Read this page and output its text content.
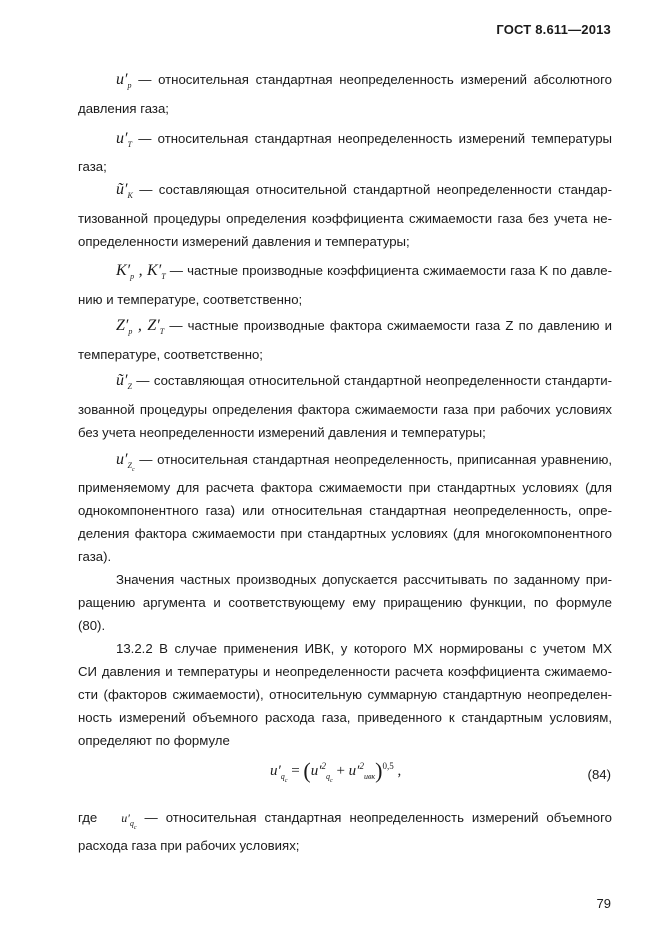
ГОСТ 8.611—2013
$u'_p$ — относительная стандартная неопределенность измерений абсолютного
давления газа;
$u'_T$ — относительная стандартная неопределенность измерений температуры
газа;
$ũ'_K$ — составляющая относительной стандартной неопределенности стандар-
тизованной процедуры определения коэффициента сжимаемости газа без учета не-
определенности измерений давления и температуры;
$K'_p$ , $K'_T$ — частные производные коэффициента сжимаемости газа K по давле-
нию и температуре, соответственно;
$Z'_p$ , $Z'_T$ — частные производные фактора сжимаемости газа Z по давлению и
температуре, соответственно;
$ũ'_Z$ — составляющая относительной стандартной неопределенности стандарти-
зованной процедуры определения фактора сжимаемости газа при рабочих условиях
без учета неопределенности измерений давления и температуры;
$u'_{Z_c}$ — относительная стандартная неопределенность, приписанная уравнению,
применяемому для расчета фактора сжимаемости при стандартных условиях (для
однокомпонентного газа) или относительная стандартная неопределенность, опре-
деления фактора сжимаемости при стандартных условиях (для многокомпонентного
газа).
Значения частных производных допускается рассчитывать по заданному при-
ращению аргумента и соответствующему ему приращению функции, по формуле
(80).
13.2.2 В случае применения ИВК, у которого МХ нормированы с учетом МХ
СИ давления и температуры и неопределенности расчета коэффициента сжимаемо-
сти (факторов сжимаемости), относительную суммарную стандартную неопределен-
ность измерений объемного расхода газа, приведенного к стандартным условиям,
определяют по формуле
$u'_{q_c} = (u'^2_{q_c} + u'^2_{ивк})^{0,5}$ ,	(84)
где $u'_{q_c}$ — относительная стандартная неопределенность измерений объемного
расхода газа при рабочих условиях;
79
